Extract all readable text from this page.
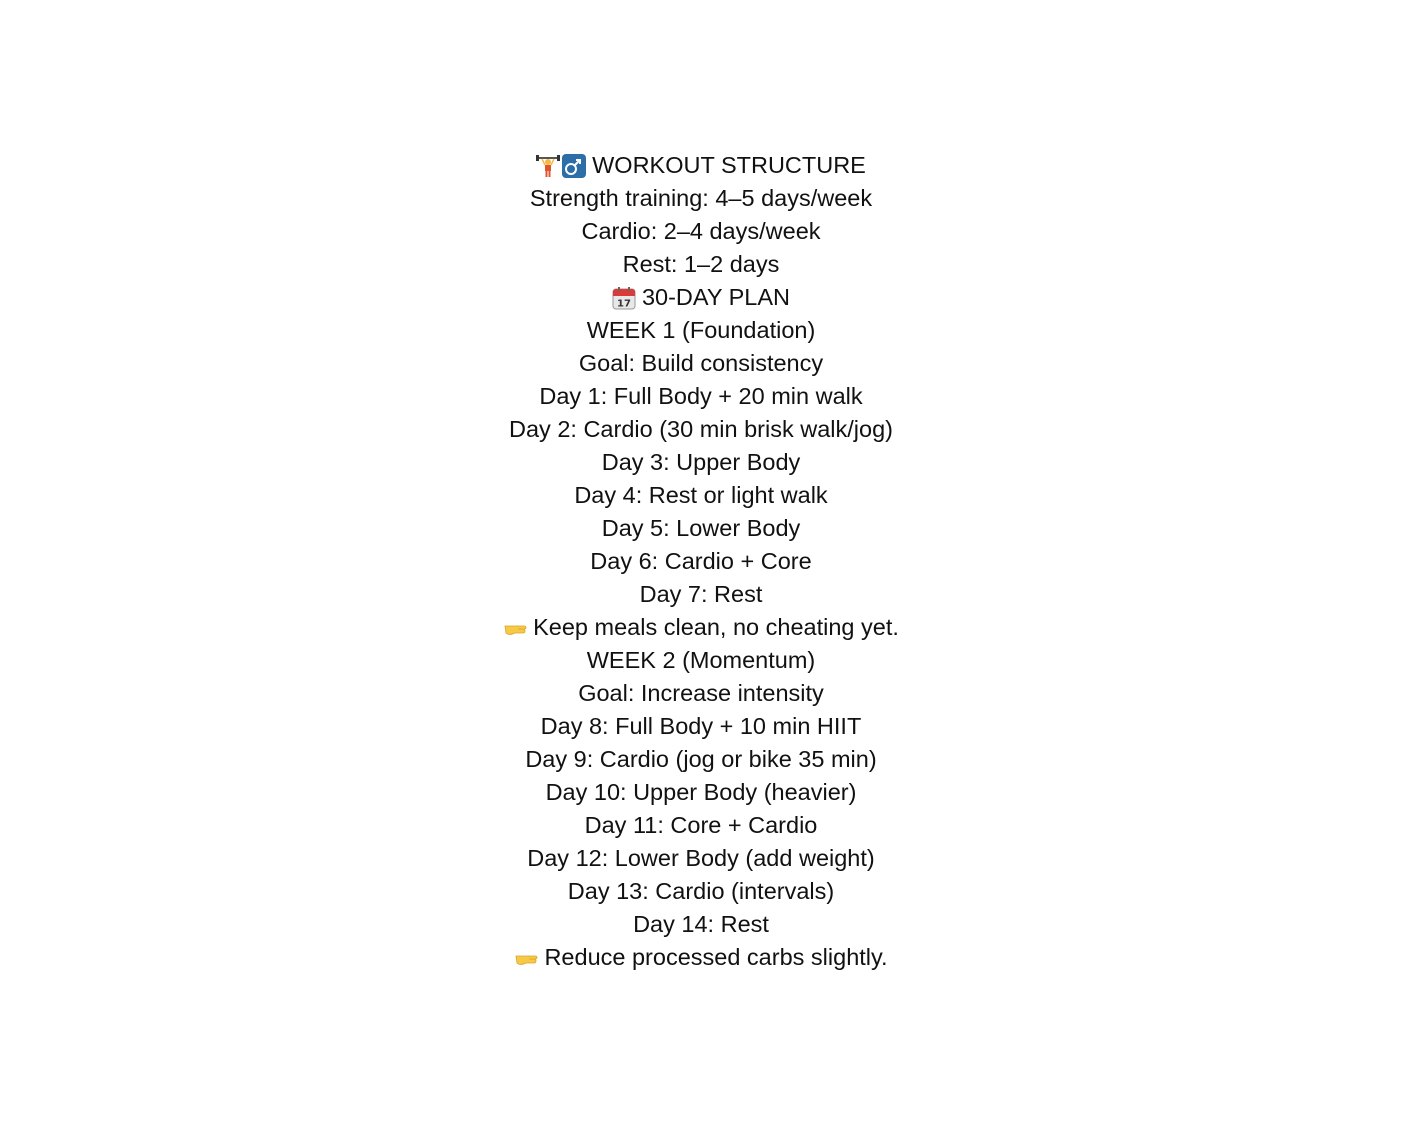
WORKOUT STRUCTURE
Strength training: 4–5 days/week
Cardio: 2–4 days/week
Rest: 1–2 days
17 30-DAY PLAN
WEEK 1 (Foundation)
Goal: Build consistency
Day 1: Full Body + 20 min walk
Day 2: Cardio (30 min brisk walk/jog)
Day 3: Upper Body
Day 4: Rest or light walk
Day 5: Lower Body
Day 6: Cardio + Core
Day 7: Rest
Keep meals clean, no cheating yet.
WEEK 2 (Momentum)
Goal: Increase intensity
Day 8: Full Body + 10 min HIIT
Day 9: Cardio (jog or bike 35 min)
Day 10: Upper Body (heavier)
Day 11: Core + Cardio
Day 12: Lower Body (add weight)
Day 13: Cardio (intervals)
Day 14: Rest
Reduce processed carbs slightly.
